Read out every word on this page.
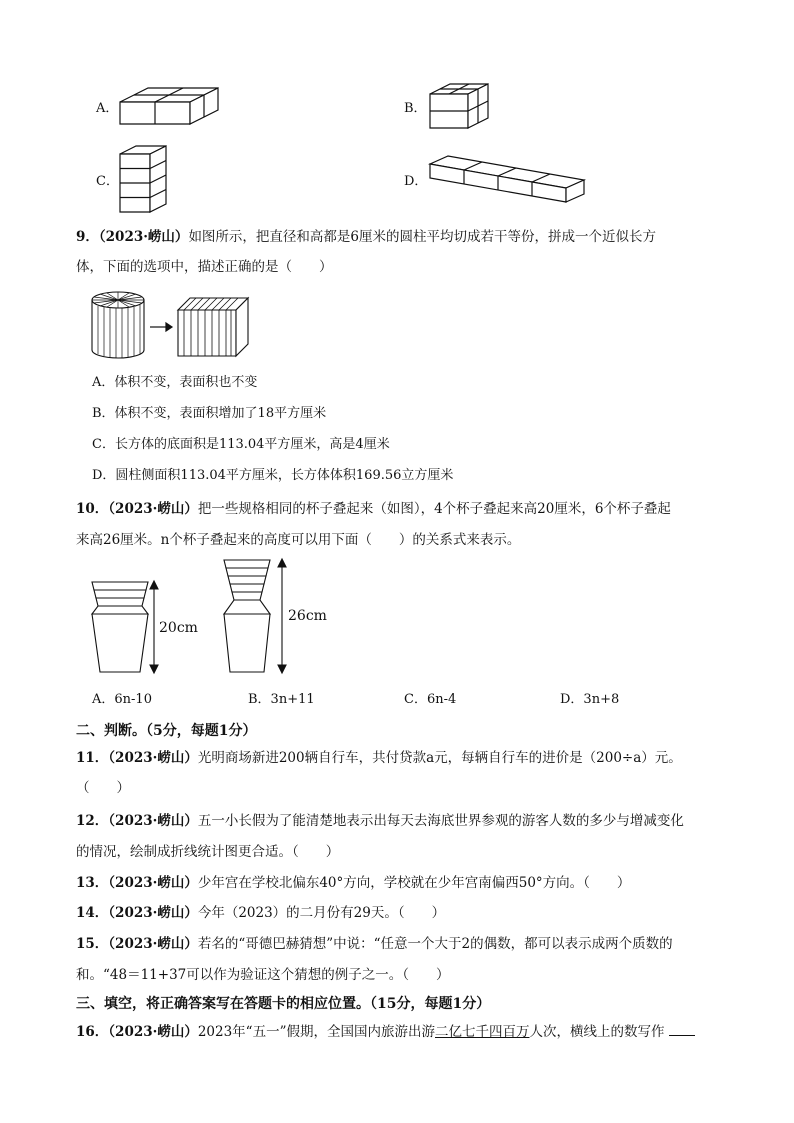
A．	B．
C．	D．
9．（2023·崂山）如图所示，把直径和高都是6厘米的圆柱平均切成若干等份，拼成一个近似长方
体，下面的选项中，描述正确的是（　　）
A．体积不变，表面积也不变
B．体积不变，表面积增加了18平方厘米
C．长方体的底面积是113.04平方厘米，高是4厘米
D．圆柱侧面积113.04平方厘米，长方体体积169.56立方厘米
10．（2023·崂山）把一些规格相同的杯子叠起来（如图），4个杯子叠起来高20厘米，6个杯子叠起
来高26厘米。n个杯子叠起来的高度可以用下面（　　）的关系式来表示。
20cm
26cm
A．6n-10	B．3n+11	C．6n-4	D．3n+8
二、判断。（5分，每题1分）
11．（2023·崂山）光明商场新进200辆自行车，共付贷款a元，每辆自行车的进价是（200÷a）元。
（　　）
12．（2023·崂山）五一小长假为了能清楚地表示出每天去海底世界参观的游客人数的多少与增减变化
的情况，绘制成折线统计图更合适。（　　）
13．（2023·崂山）少年宫在学校北偏东40°方向，学校就在少年宫南偏西50°方向。（　　）
14．（2023·崂山）今年（2023）的二月份有29天。（　　）
15．（2023·崂山）若名的“哥德巴赫猜想”中说：“任意一个大于2的偶数，都可以表示成两个质数的
和。“48＝11+37可以作为验证这个猜想的例子之一。（　　）
三、填空，将正确答案写在答题卡的相应位置。（15分，每题1分）
16．（2023·崂山）2023年“五一”假期，全国国内旅游出游二亿七千四百万人次，横线上的数写作
